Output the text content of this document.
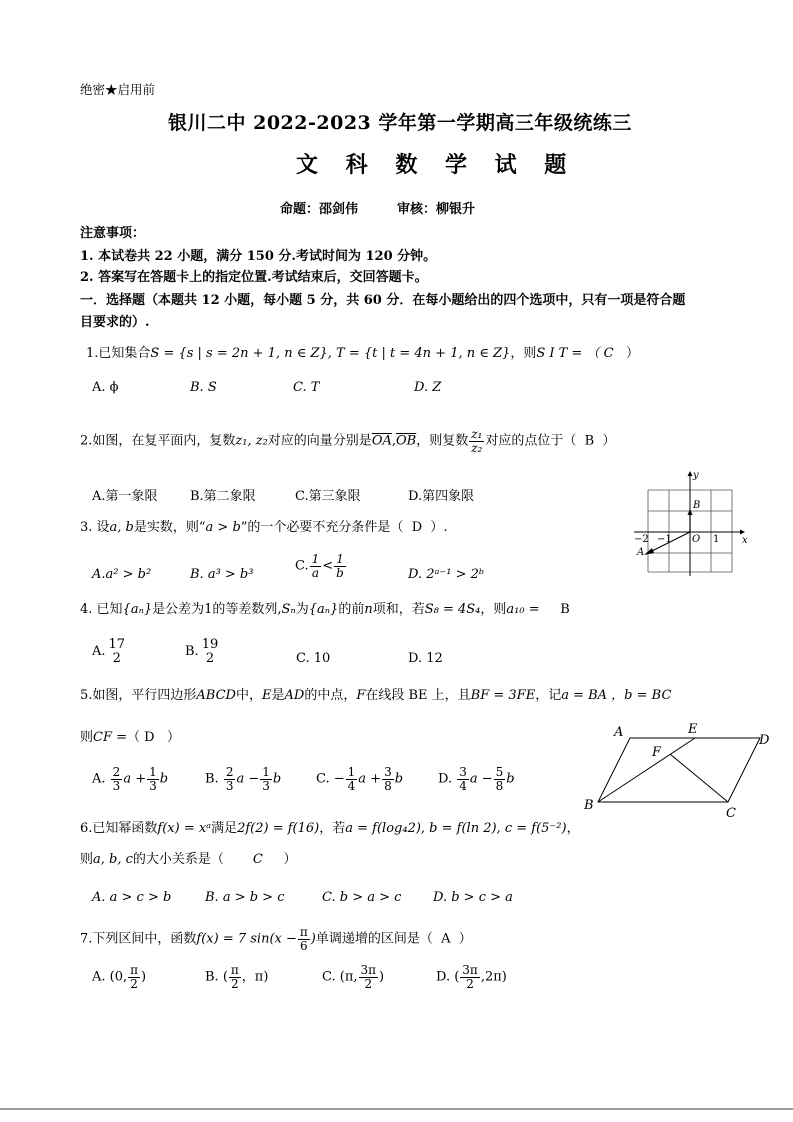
绝密★启用前
银川二中 2022-2023 学年第一学期高三年级统练三
文 科 数 学 试 题
命题：邵剑伟　　　审核：柳银升
注意事项：
1. 本试卷共 22 小题，满分 150 分.考试时间为 120 分钟。
2. 答案写在答题卡上的指定位置.考试结束后，交回答题卡。
一．选择题（本题共 12 小题，每小题 5 分，共 60 分．在每小题给出的四个选项中，只有一项是符合题
目要求的）.
1.已知集合S = {s | s = 2n + 1, n ∈ Z}, T = {t | t = 4n + 1, n ∈ Z}，则S I T = （ C ）
A. ϕ	B. S	C. T	D. Z
2.如图，在复平面内，复数z₁, z₂对应的向量分别是$\overline{OA},\overline{OB}$，则复数 $\frac{\text{z₁}}{\text{z₂}}$ 对应的点位于（ B ）
A.第一象限 B.第二象限	C.第三象限	D.第四象限
y
x
B
O 1
−1
−2
A
3. 设a, b是实数，则“a > b”的一个必要不充分条件是（ D ）.
A.a² > b²	B. a³ > b³
C. $\frac{1}{a} < \frac{1}{b}$	D. 2ᵃ⁻¹ > 2ᵇ
4. 已知{aₙ}是公差为1的等差数列,Sₙ为{aₙ}的前n项和，若S₈ = 4S₄，则a₁₀ = B
A. 17
2	B. 19
2	C. 10	D. 12
5.如图，平行四边形ABCD中，E是AD的中点，F在线段 BE 上，且BF = 3FE，记a = BA ，b = BC
则CF =（ D ）
A. $\frac{2}{3}$ $a + \frac{1}{3}$ b	B. $\frac{2}{3}$ $a - \frac{1}{3}$ b	C. − $\frac{1}{4}$ $a + \frac{3}{8}$ b	D. $\frac{3}{4}$ $a - \frac{5}{8}$ b
A	E
D
F
B
C
6.已知幂函数f(x) = xᵃ满足2f(2) = f(16)，若a = f(log₄2), b = f(ln 2), c = f(5⁻²)，
则a, b, c的大小关系是（ C ）
A. a > c > b	B. a > b > c	C. b > a > c D. b > c > a
7.下列区间中，函数f(x) = 7 $\sin(x - \frac{\pi}{6}$ )单调递增的区间是（ A ）
A. (0, $\frac{\pi}{2}$ )	B. ( $\frac{\pi}{2}$ ，π)	C. (π, $\frac{3\pi}{2}$ )	D. ( $\frac{3\pi}{2} ,2\pi$)
